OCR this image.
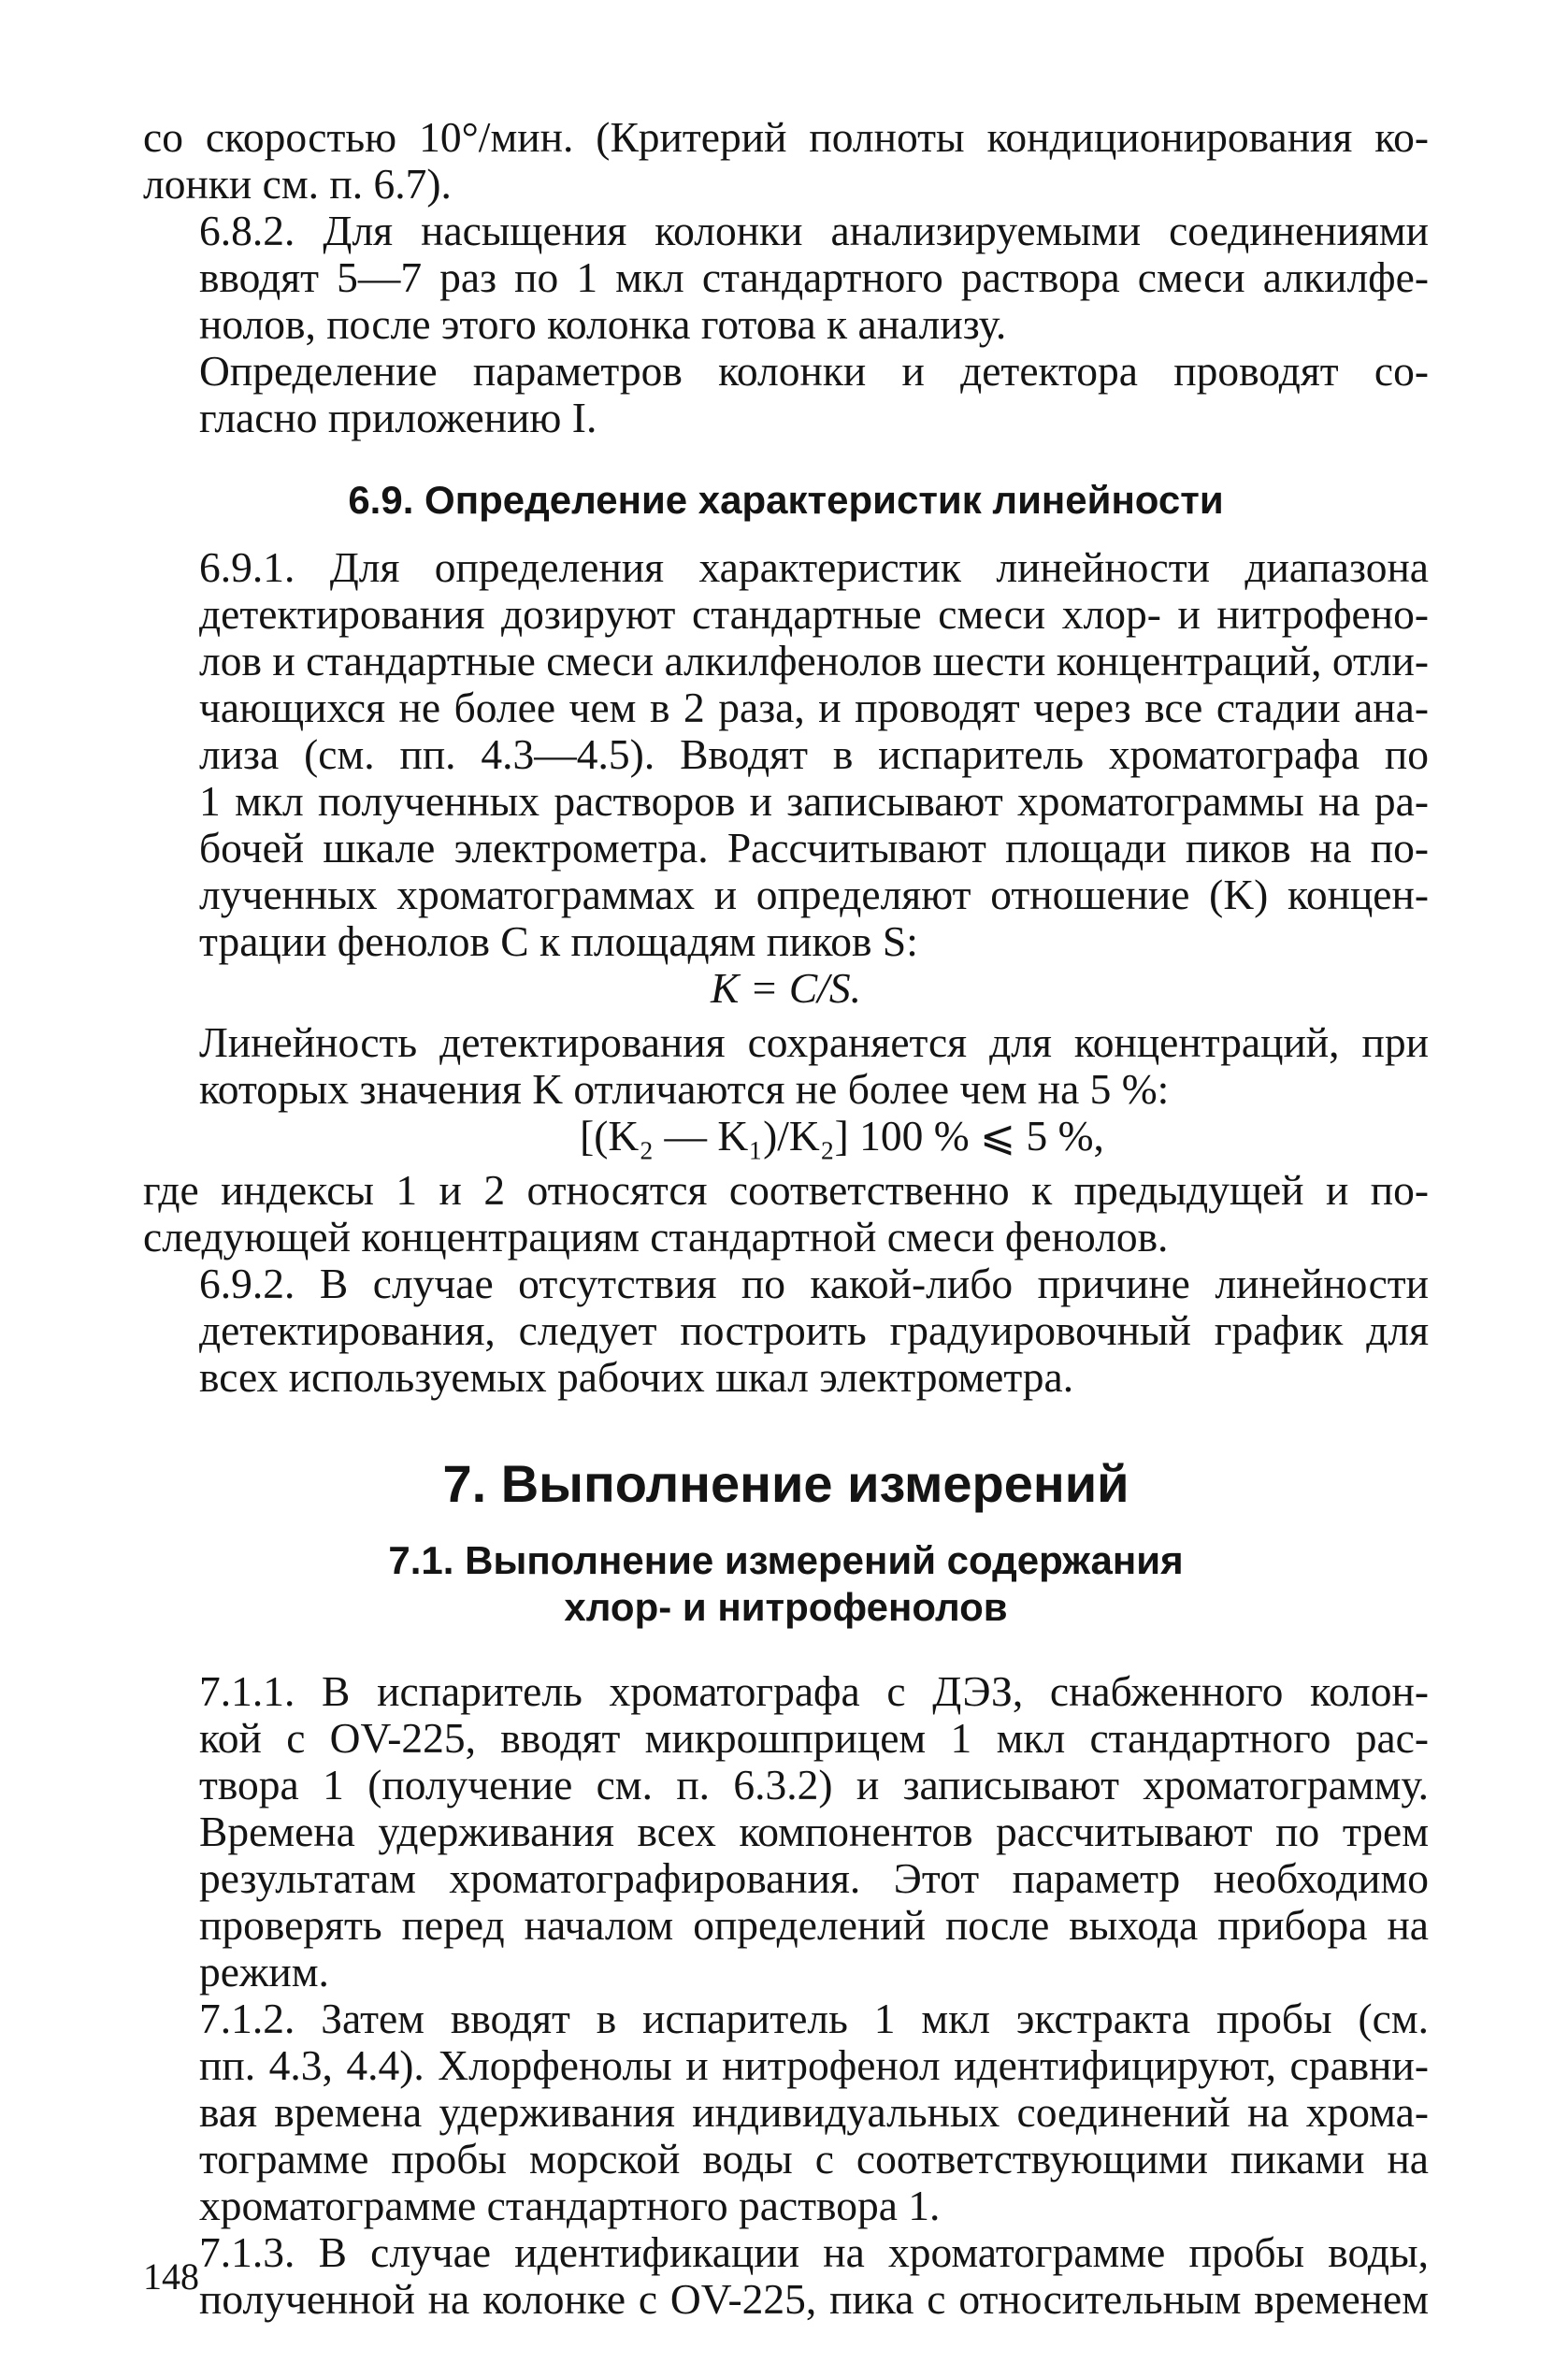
со скоростью 10°/мин. (Критерий полноты кондиционирования ко-
лонки см. п. 6.7).

6.8.2. Для насыщения колонки анализируемыми соединениями
вводят 5—7 раз по 1 мкл стандартного раствора смеси алкилфе-
нолов, после этого колонка готова к анализу.

Определение параметров колонки и детектора проводят со-
гласно приложению I.

6.9. Определение характеристик линейности

6.9.1. Для определения характеристик линейности диапазона
детектирования дозируют стандартные смеси хлор- и нитрофено-
лов и стандартные смеси алкилфенолов шести концентраций, отли-
чающихся не более чем в 2 раза, и проводят через все стадии ана-
лиза (см. пп. 4.3—4.5). Вводят в испаритель хроматографа по
1 мкл полученных растворов и записывают хроматограммы на ра-
бочей шкале электрометра. Рассчитывают площади пиков на по-
лученных хроматограммах и определяют отношение (K) концен-
трации фенолов C к площадям пиков S:

K = C/S.

Линейность детектирования сохраняется для концентраций, при
которых значения K отличаются не более чем на 5 %:

[(K₂ — K₁)/K₂] 100 % ⩽ 5 %,

где индексы 1 и 2 относятся соответственно к предыдущей и по-
следующей концентрациям стандартной смеси фенолов.

6.9.2. В случае отсутствия по какой-либо причине линейности
детектирования, следует построить градуировочный график для
всех используемых рабочих шкал электрометра.

7. Выполнение измерений
7.1. Выполнение измерений содержания
хлор- и нитрофенолов

7.1.1. В испаритель хроматографа с ДЭЗ, снабженного колон-
кой с OV-225, вводят микрошприцем 1 мкл стандартного рас-
твора 1 (получение см. п. 6.3.2) и записывают хроматограмму.
Времена удерживания всех компонентов рассчитывают по трем
результатам хроматографирования. Этот параметр необходимо
проверять перед началом определений после выхода прибора на
режим.

7.1.2. Затем вводят в испаритель 1 мкл экстракта пробы (см.
пп. 4.3, 4.4). Хлорфенолы и нитрофенол идентифицируют, сравни-
вая времена удерживания индивидуальных соединений на хрома-
тограмме пробы морской воды с соответствующими пиками на
хроматограмме стандартного раствора 1.

7.1.3. В случае идентификации на хроматограмме пробы воды,
полученной на колонке с OV-225, пика с относительным временем

148
